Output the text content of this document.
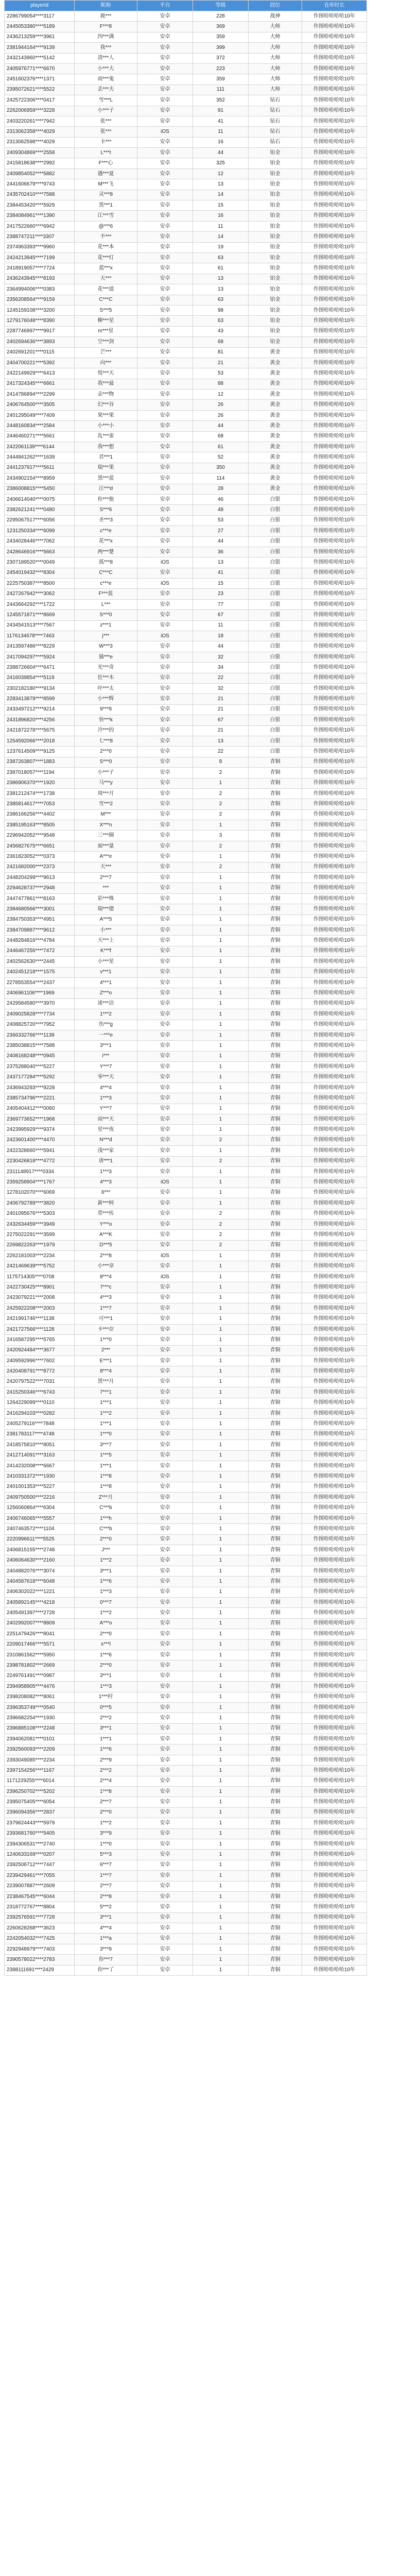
playerid	昵称	平台	等级	段位	仓库时长
2286799054****3117	鹿***	安卓	228	战神	作图哈哈哈哈10年
2445053380****5189	F***8	安卓	369	大师	作图哈哈哈哈10年
2436213259****3961	四***满	安卓	359	大师	作图哈哈哈哈10年
2381944164****9139	我***	安卓	399	大师	作图哈哈哈哈10年
2432143960****5142	清***人	安卓	372	大师	作图哈哈哈哈10年
2405976771****6670	小***大	安卓	223	大师	作图哈哈哈哈10年
2451602376****1371	雨***鬼	安卓	359	大师	作图哈哈哈哈10年
2395072621****5522	丢***夫	安卓	111	大师	作图哈哈哈哈10年
2425722306****0417	雪***L	安卓	352	钻石	作图哈哈哈哈10年
2262006959****3228	小***子	安卓	91	钻石	作图哈哈哈哈10年
2403220261****7942	张***	安卓	41	钻石	作图哈哈哈哈10年
2313062358****4029	张***	iOS	11	钻石	作图哈哈哈哈10年
2313062598****4029	卡***	安卓	16	钻石	作图哈哈哈哈10年
2409304869****2558	L***t	安卓	44	铂金	作图哈哈哈哈10年
2415818638****2992	F***心	安卓	325	铂金	作图哈哈哈哈10年
2409854052****5882	遇***夏	安卓	12	铂金	作图哈哈哈哈10年
2441606679****9743	M***飞	安卓	13	铂金	作图哈哈哈哈10年
2435702410****7588	灵***8	安卓	14	铂金	作图哈哈哈哈10年
2384453420****5929	黑***1	安卓	15	铂金	作图哈哈哈哈10年
2384084961****1390	江***雪	安卓	16	铂金	作图哈哈哈哈10年
2417522660****6942	@***6	安卓	11	铂金	作图哈哈哈哈10年
2388747211****3307	不***	安卓	14	铂金	作图哈哈哈哈10年
2374963393****9960	花***本	安卓	19	铂金	作图哈哈哈哈10年
2424213945****7199	花***灯	安卓	63	铂金	作图哈哈哈哈10年
2418919057****7724	蓝***x	安卓	61	铂金	作图哈哈哈哈10年
2436243945****8193	天***	安卓	13	铂金	作图哈哈哈哈10年
2364994006****0383	花***道	安卓	13	铂金	作图哈哈哈哈10年
2356208564****9159	C***C	安卓	63	铂金	作图哈哈哈哈10年
1245159108****3200	S***5	安卓	98	铂金	作图哈哈哈哈10年
1279176048****8390	柳***星	安卓	63	铂金	作图哈哈哈哈10年
2287746997****9917	m***星	安卓	43	铂金	作图哈哈哈哈10年
2402694636****3893	空***剑	安卓	68	铂金	作图哈哈哈哈10年
2402691201****0115	芒***	安卓	81	黄金	作图哈哈哈哈10年
2404700221****5392	向***	安卓	21	黄金	作图哈哈哈哈10年
2422149929****6413	悦***天	安卓	53	黄金	作图哈哈哈哈10年
2417324345****6661	我***最	安卓	88	黄金	作图哈哈哈哈10年
2414786894****2299	亲***物	安卓	12	黄金	作图哈哈哈哈10年
2406764500****3505	幻***谷	安卓	26	黄金	作图哈哈哈哈10年
2401295049****7409	果***果	安卓	26	黄金	作图哈哈哈哈10年
2448160834****2584	小***小	安卓	44	黄金	作图哈哈哈哈10年
2446460271****5661	乱***雀	安卓	68	黄金	作图哈哈哈哈10年
2422061139****6144	我***想	安卓	61	黄金	作图哈哈哈哈10年
2444841262****1639	君***1	安卓	52	黄金	作图哈哈哈哈10年
2441237917****5611	瑞***果	安卓	350	黄金	作图哈哈哈哈10年
2434902154****8959	黑***蓝	安卓	114	黄金	作图哈哈哈哈10年
2386008815****5450	汪***d	安卓	28	黄金	作图哈哈哈哈10年
2406614040****0075	你***他	安卓	46	白银	作图哈哈哈哈10年
2382621241****0480	S***6	安卓	48	白银	作图哈哈哈哈10年
2295067517****6056	圣***3	安卓	53	白银	作图哈哈哈哈10年
1231250334****6099	c***e	安卓	27	白银	作图哈哈哈哈10年
2434028446****7062	花***x	安卓	44	白银	作图哈哈哈哈10年
2428646916****5663	两***楚	安卓	36	白银	作图哈哈哈哈10年
2307189520****0049	孤***8	iOS	13	白银	作图哈哈哈哈10年
2454019432****8304	C***C	安卓	41	白银	作图哈哈哈哈10年
2225750387****8500	c***e	iOS	15	白银	作图哈哈哈哈10年
2427267942****3062	F***蓝	安卓	23	白银	作图哈哈哈哈10年
2443664292****1722	L***	安卓	77	白银	作图哈哈哈哈10年
1245571871****8669	S***0	安卓	67	白银	作图哈哈哈哈10年
2434541513****7567	z***1	安卓	11	白银	作图哈哈哈哈10年
1176134678****7463	j***	iOS	18	白银	作图哈哈哈哈10年
2413597486****8229	W***3	安卓	44	白银	作图哈哈哈哈10年
2417094297****5924	猫***e	安卓	32	白银	作图哈哈哈哈10年
2388726604****6471	光***奇	安卓	34	白银	作图哈哈哈哈10年
2416039854****5119	狂***木	安卓	22	白银	作图哈哈哈哈10年
2302182180****9134	吓***太	安卓	32	白银	作图哈哈哈哈10年
2283413879****8599	小***辉	安卓	21	白银	作图哈哈哈哈10年
2433497212****9214	9***9	安卓	21	白银	作图哈哈哈哈10年
2431896820****4256	快***k	安卓	67	白银	作图哈哈哈哈10年
2421872278****5675	冷***的	安卓	21	白银	作图哈哈哈哈10年
1254592066****2018	七***8	安卓	13	白银	作图哈哈哈哈10年
1237614509****9125	2***0	安卓	22	白银	作图哈哈哈哈10年
2387263807****1883	S***0	安卓	8	青铜	作图哈哈哈哈10年
2387018057****1194	小***子	安卓	2	青铜	作图哈哈哈哈10年
2386906370****1920	马***y	安卓	1	青铜	作图哈哈哈哈10年
2381212474****1738	周***月	安卓	2	青铜	作图哈哈哈哈10年
2385814617****7053	雪***2	安卓	2	青铜	作图哈哈哈哈10年
2386166256****4402	M***	安卓	2	青铜	作图哈哈哈哈10年
2385195163****8505	X***n	安卓	1	青铜	作图哈哈哈哈10年
2296942052****9548	三***圈	安卓	3	青铜	作图哈哈哈哈10年
2456827675****6651	面***量	安卓	2	青铜	作图哈哈哈哈10年
2361823052****0373	A***e	安卓	1	青铜	作图哈哈哈哈10年
2421682000****2373	天***	安卓	2	青铜	作图哈哈哈哈10年
2448204299****9613	2***7	安卓	1	青铜	作图哈哈哈哈10年
2294628737****2948	***	安卓	1	青铜	作图哈哈哈哈10年
2447477861****8163	彩***殊	安卓	1	青铜	作图哈哈哈哈10年
2384680566****3001	瑞***德	安卓	1	青铜	作图哈哈哈哈10年
2384750353****4951	A***5	安卓	1	青铜	作图哈哈哈哈10年
2384709887****9612	小***	安卓	1	青铜	作图哈哈哈哈10年
2448284816****4784	天***上	安卓	1	青铜	作图哈哈哈哈10年
2446467256****7472	K***f	安卓	1	青铜	作图哈哈哈哈10年
2402562630****2445	小***星	安卓	1	青铜	作图哈哈哈哈10年
2402451218****1575	v***1	安卓	1	青铜	作图哈哈哈哈10年
2278553554****2437	4***1	安卓	1	青铜	作图哈哈哈哈10年
2406961106****1969	Z***o	安卓	1	青铜	作图哈哈哈哈10年
2429584580****3970	谈***洁	安卓	1	青铜	作图哈哈哈哈10年
2409025828****7734	1***2	安卓	1	青铜	作图哈哈哈哈10年
2408825720****7952	伤***g	安卓	1	青铜	作图哈哈哈哈10年
2366332766****1139	一***e	安卓	1	青铜	作图哈哈哈哈10年
2385038815****7588	3***1	安卓	1	青铜	作图哈哈哈哈10年
2408168248****0945	i***	安卓	1	青铜	作图哈哈哈哈10年
2375288040****5227	Y***7	安卓	1	青铜	作图哈哈哈哈10年
2437177284****5292	零***天	安卓	1	青铜	作图哈哈哈哈10年
2436943293****9228	4***4	安卓	1	青铜	作图哈哈哈哈10年
2385734796****2221	1***3	安卓	1	青铜	作图哈哈哈哈10年
2405404412****0060	Y***7	安卓	1	青铜	作图哈哈哈哈10年
2369773652****1968	雨***天	安卓	1	青铜	作图哈哈哈哈10年
2423995929****9374	星***夜	安卓	1	青铜	作图哈哈哈哈10年
2423601400****4470	N***d	安卓	2	青铜	作图哈哈哈哈10年
2422328660****5941	浅***家	安卓	1	青铜	作图哈哈哈哈10年
2230426818****4772	唐***1	安卓	2	青铜	作图哈哈哈哈10年
2311148917****0334	1***3	安卓	1	青铜	作图哈哈哈哈10年
2359258904****1767	4***3	iOS	1	青铜	作图哈哈哈哈10年
1278102070****6069	6***	安卓	1	青铜	作图哈哈哈哈10年
2406792789****3820	新***柯	安卓	1	青铜	作图哈哈哈哈10年
2401095676****5303	带***传	安卓	2	青铜	作图哈哈哈哈10年
2432634459****3949	Y***o	安卓	2	青铜	作图哈哈哈哈10年
2275022291****3599	A***K	安卓	2	青铜	作图哈哈哈哈10年
2269822263****1979	D***5	安卓	2	青铜	作图哈哈哈哈10年
2262181003****2234	2***8	iOS	1	青铜	作图哈哈哈哈10年
2421469639****5752	小***章	安卓	1	青铜	作图哈哈哈哈10年
1175714305****0708	8***4	iOS	1	青铜	作图哈哈哈哈10年
2422730425****8901	7***c	安卓	1	青铜	作图哈哈哈哈10年
2423079221****2008	4***3	安卓	1	青铜	作图哈哈哈哈10年
2425922208****2003	1***7	安卓	1	青铜	作图哈哈哈哈10年
2421991746****1138	可***1	安卓	1	青铜	作图哈哈哈哈10年
2421727566****1128	卡***存	安卓	1	青铜	作图哈哈哈哈10年
2416587295****5765	1***0	安卓	1	青铜	作图哈哈哈哈10年
2420924484****3677	2***	安卓	1	青铜	作图哈哈哈哈10年
2409592996****7602	E***1	安卓	1	青铜	作图哈哈哈哈10年
2420408791****8772	8***4	安卓	1	青铜	作图哈哈哈哈10年
2420797522****7031	黑***月	安卓	1	青铜	作图哈哈哈哈10年
2415250346****6743	7***1	安卓	1	青铜	作图哈哈哈哈10年
1264229099****0110	1***1	安卓	1	青铜	作图哈哈哈哈10年
2416294103****0282	1***2	安卓	1	青铜	作图哈哈哈哈10年
2405279116****7848	1***1	安卓	1	青铜	作图哈哈哈哈10年
2381783117****4748	1***0	安卓	1	青铜	作图哈哈哈哈10年
2418575810****8051	3***7	安卓	1	青铜	作图哈哈哈哈10年
2412714091****3163	1***5	安卓	1	青铜	作图哈哈哈哈10年
2414232008****6667	1***1	安卓	1	青铜	作图哈哈哈哈10年
2410331372****1930	1***8	安卓	1	青铜	作图哈哈哈哈10年
2401001353****5227	1***8	安卓	1	青铜	作图哈哈哈哈10年
2409750500****2216	Z***月	安卓	1	青铜	作图哈哈哈哈10年
1256060864****6304	C***b	安卓	1	青铜	作图哈哈哈哈10年
2406746065****5557	1***h	安卓	1	青铜	作图哈哈哈哈10年
2407463572****1104	C***b	安卓	1	青铜	作图哈哈哈哈10年
2220996611****5525	2***0	安卓	1	青铜	作图哈哈哈哈10年
2406815155****2748	J***	安卓	1	青铜	作图哈哈哈哈10年
2406064630****2160	1***2	安卓	1	青铜	作图哈哈哈哈10年
2404882076****3074	3***1	安卓	1	青铜	作图哈哈哈哈10年
2404587618****6048	1***6	安卓	1	青铜	作图哈哈哈哈10年
2406302022****1221	1***3	安卓	1	青铜	作图哈哈哈哈10年
2405892145****4218	0***7	安卓	1	青铜	作图哈哈哈哈10年
2405491397****2728	1***2	安卓	1	青铜	作图哈哈哈哈10年
2402992007****8809	A***o	安卓	1	青铜	作图哈哈哈哈10年
2251479426****8041	2***0	安卓	1	青铜	作图哈哈哈哈10年
2209017466****5571	s***l	安卓	1	青铜	作图哈哈哈哈10年
2310861562****5950	1***6	安卓	1	青铜	作图哈哈哈哈10年
2398781802****2669	2***0	安卓	1	青铜	作图哈哈哈哈10年
2249761491****0987	3***1	安卓	1	青铜	作图哈哈哈哈10年
2394958905****4476	1***3	安卓	1	青铜	作图哈哈哈哈10年
2398208082****8061	1***村	安卓	1	青铜	作图哈哈哈哈10年
2396353749****0540	0***5	安卓	1	青铜	作图哈哈哈哈10年
2396682254****1930	2***2	安卓	1	青铜	作图哈哈哈哈10年
2396885108****2248	3***1	安卓	1	青铜	作图哈哈哈哈10年
2394062081****0101	1***1	安卓	1	青铜	作图哈哈哈哈10年
2392560093****2209	1***6	安卓	1	青铜	作图哈哈哈哈10年
2393049085****2234	2***9	安卓	1	青铜	作图哈哈哈哈10年
2397154256****1167	2***2	安卓	1	青铜	作图哈哈哈哈10年
1171229255****6014	2***4	安卓	1	青铜	作图哈哈哈哈10年
2396250702****5202	1***8	安卓	1	青铜	作图哈哈哈哈10年
2395075405****6054	2***7	安卓	1	青铜	作图哈哈哈哈10年
2396094356****2837	2***0	安卓	1	青铜	作图哈哈哈哈10年
2379624443****5979	1***2	安卓	1	青铜	作图哈哈哈哈10年
2393681760****5405	3***9	安卓	1	青铜	作图哈哈哈哈10年
2394306531****2740	1***0	安卓	1	青铜	作图哈哈哈哈10年
1240633169****0207	5***3	安卓	1	青铜	作图哈哈哈哈10年
2392506712****7447	6***7	安卓	1	青铜	作图哈哈哈哈10年
2239429461****7055	1***7	安卓	1	青铜	作图哈哈哈哈10年
2239007887****2609	2***7	安卓	1	青铜	作图哈哈哈哈10年
2238467545****6044	2***8	安卓	1	青铜	作图哈哈哈哈10年
2318772767****8804	5***2	安卓	1	青铜	作图哈哈哈哈10年
2392576591****7728	3***1	安卓	1	青铜	作图哈哈哈哈10年
2260628268****3623	4***4	安卓	1	青铜	作图哈哈哈哈10年
2242054032****7425	1***a	安卓	1	青铜	作图哈哈哈哈10年
2292948979****7403	3***9	安卓	1	青铜	作图哈哈哈哈10年
2390578022****2783	你***7	安卓	1	青铜	作图哈哈哈哈10年
2388111691****2429	你***了	安卓	1	青铜	作图哈哈哈哈10年
